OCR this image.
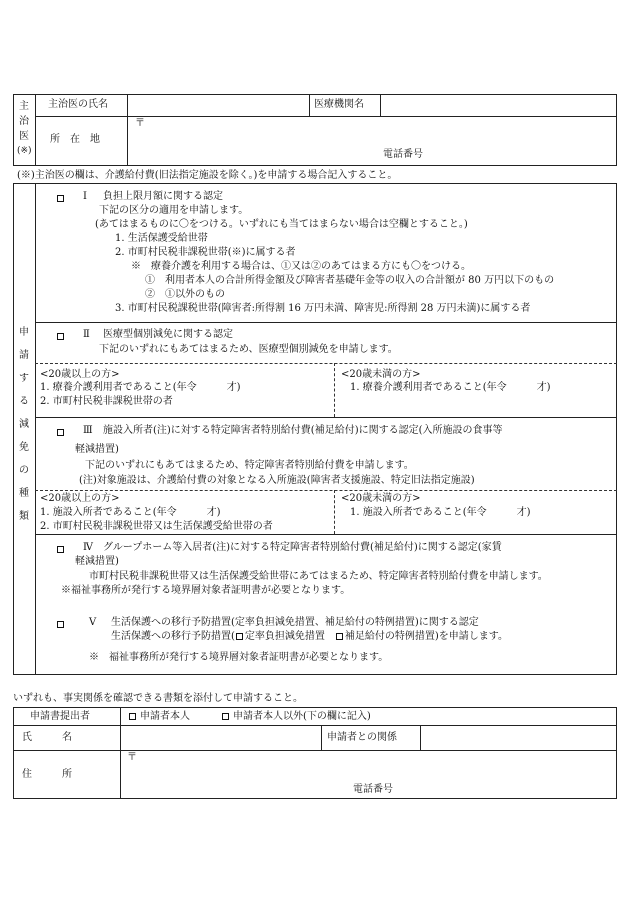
主
治
医
(※)
主治医の氏名	医療機関名
所　在　地
〒
電話番号
(※)主治医の欄は、介護給付費(旧法指定施設を除く。)を申請する場合記入すること。
申
請
す
る
減
免
の
種
類
Ⅰ 負担上限月額に関する認定
下記の区分の適用を申請します。
(あてはまるものに〇をつける。いずれにも当てはまらない場合は空欄とすること。)
1. 生活保護受給世帯
2. 市町村民税非課税世帯(※)に属する者
※　療養介護を利用する場合は、①又は②のあてはまる方にも〇をつける。
①　利用者本人の合計所得金額及び障害者基礎年金等の収入の合計額が 80 万円以下のもの
②　①以外のもの
3. 市町村民税課税世帯(障害者:所得割 16 万円未満、障害児:所得割 28 万円未満)に属する者
Ⅱ 医療型個別減免に関する認定
下記のいずれにもあてはまるため、医療型個別減免を申請します。
<20歳以上の方>
1. 療養介護利用者であること(年令　　　才)
2. 市町村民税非課税世帯の者
<20歳未満の方>
1. 療養介護利用者であること(年令　　　才)
Ⅲ 施設入所者(注)に対する特定障害者特別給付費(補足給付)に関する認定(入所施設の食事等
軽減措置)
下記のいずれにもあてはまるため、特定障害者特別給付費を申請します。
(注)対象施設は、介護給付費の対象となる入所施設(障害者支援施設、特定旧法指定施設)
<20歳以上の方>
1. 施設入所者であること(年令　　　才)
2. 市町村民税非課税世帯又は生活保護受給世帯の者
<20歳未満の方>
1. 施設入所者であること(年令　　　才)
Ⅳ グループホーム等入居者(注)に対する特定障害者特別給付費(補足給付)に関する認定(家賃
軽減措置)
市町村民税非課税世帯又は生活保護受給世帯にあてはまるため、特定障害者特別給付費を申請します。
※福祉事務所が発行する境界層対象者証明書が必要となります。
Ⅴ 生活保護への移行予防措置(定率負担減免措置、補足給付の特例措置)に関する認定
生活保護への移行予防措置( 定率負担減免措置　 補足給付の特例措置)を申請します。
※　福祉事務所が発行する境界層対象者証明書が必要となります。
いずれも、事実関係を確認できる書類を添付して申請すること。
申請書提出者	申請者本人	申請者本人以外(下の欄に記入)
氏　　　名	申請者との関係
住　　　所
〒
電話番号
